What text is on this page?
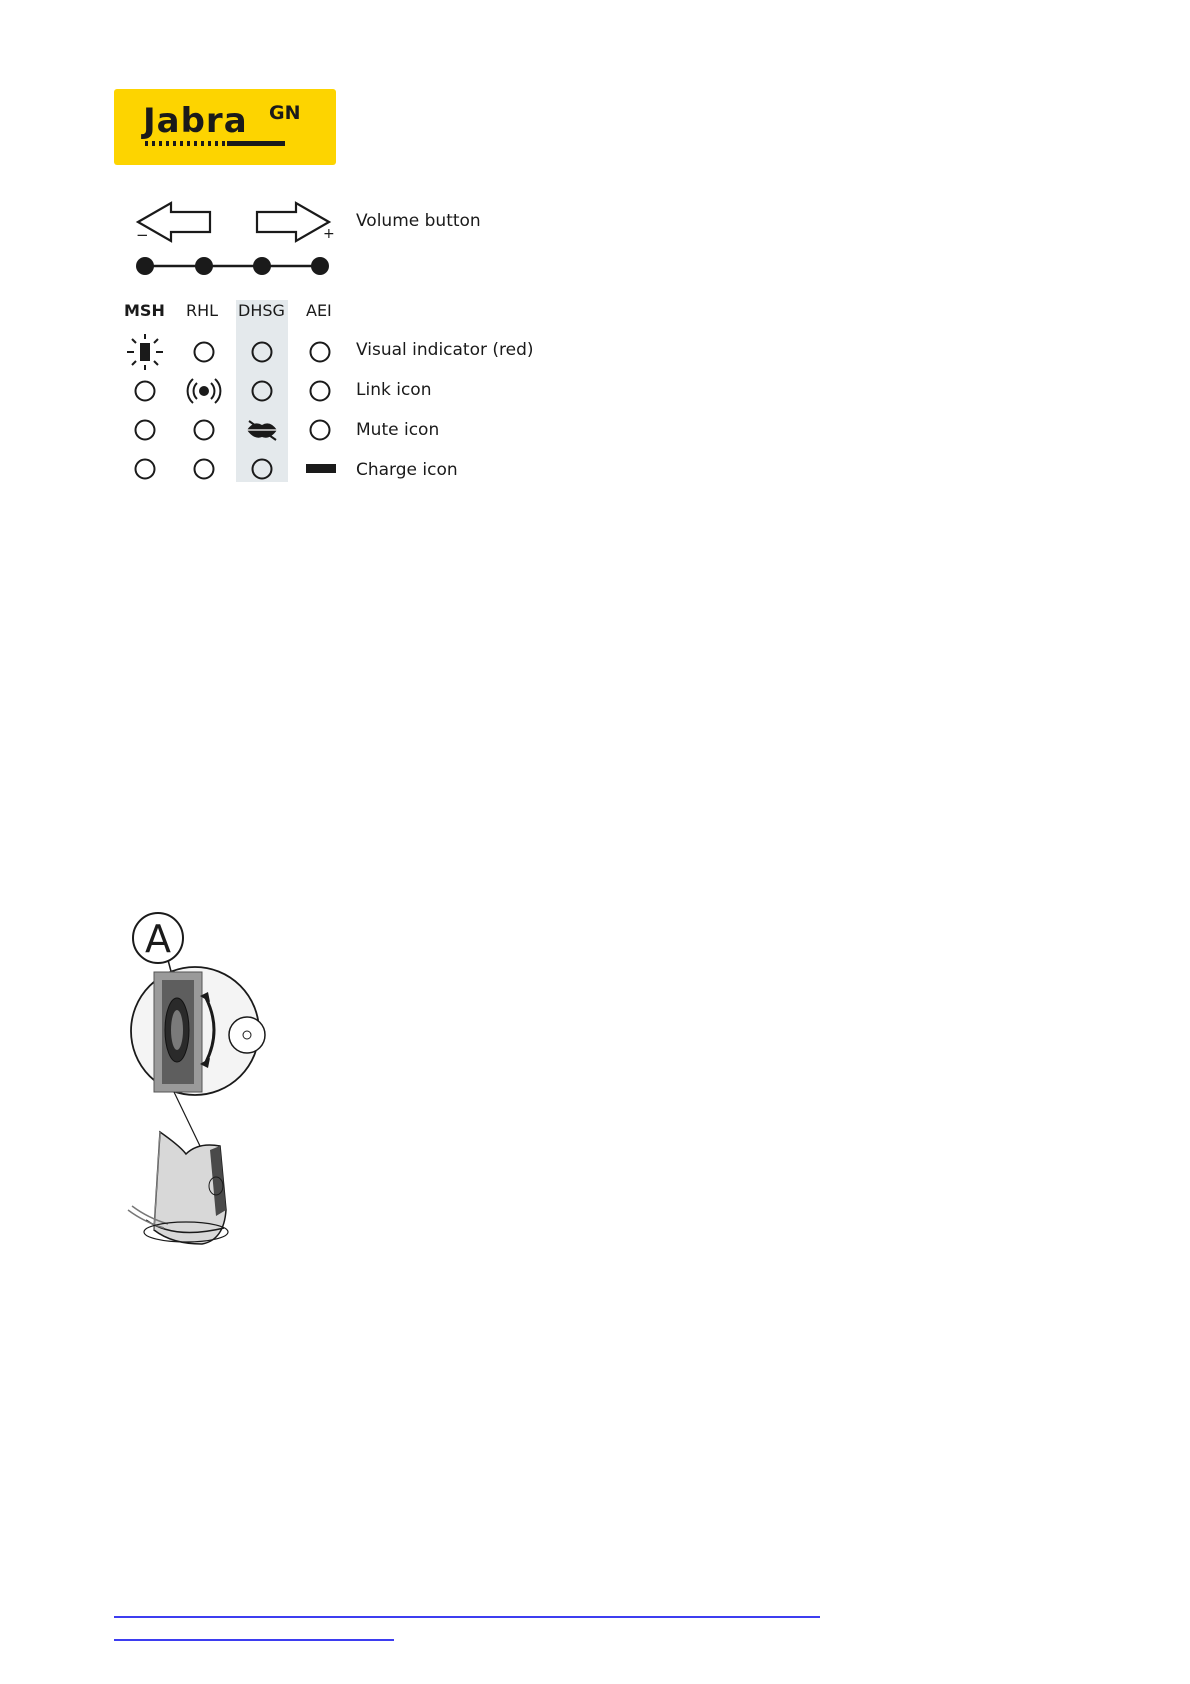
Jabra GN
−	+
Volume button
MSH RHL DHSG AEI
Visual indicator (red)
Link icon
Mute icon
Charge icon
A
